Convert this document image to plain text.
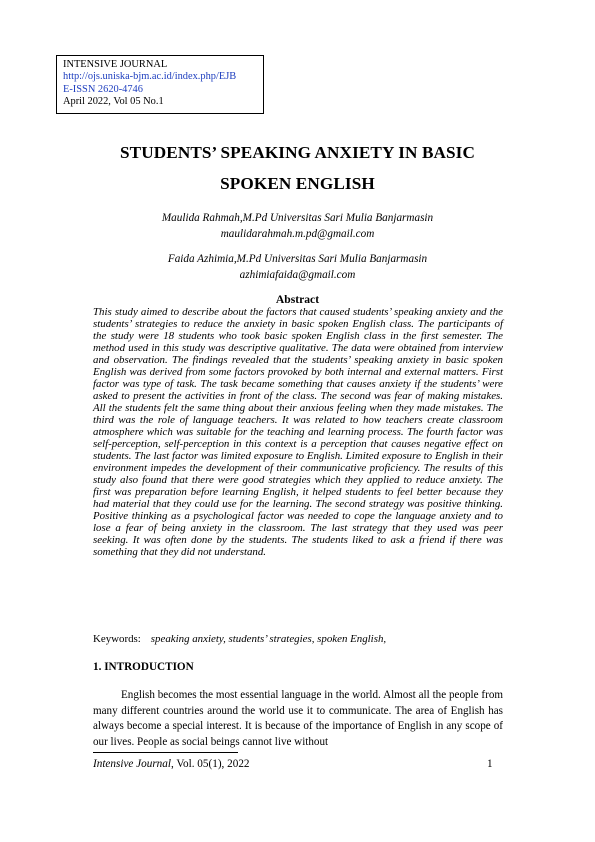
INTENSIVE JOURNAL
http://ojs.uniska-bjm.ac.id/index.php/EJB
E-ISSN 2620-4746
April 2022, Vol 05 No.1
STUDENTS’ SPEAKING ANXIETY IN BASIC
SPOKEN ENGLISH
Maulida Rahmah,M.Pd Universitas Sari Mulia Banjarmasin
maulidarahmah.m.pd@gmail.com
Faida Azhimia,M.Pd Universitas Sari Mulia Banjarmasin
azhimiafaida@gmail.com
Abstract

This study aimed to describe about the factors that caused students’ speaking anxiety and the students’ strategies to reduce the anxiety in basic spoken English class. The participants of the study were 18 students who took basic spoken English class in the first semester. The method used in this study was descriptive qualitative. The data were obtained from interview and observation. The findings revealed that the students’ speaking anxiety in basic spoken English was derived from some factors provoked by both internal and external matters. First factor was type of task. The task became something that causes anxiety if the students’ were asked to present the activities in front of the class. The second was fear of making mistakes. All the students felt the same thing about their anxious feeling when they made mistakes. The third was the role of language teachers. It was related to how teachers create classroom atmosphere which was suitable for the teaching and learning process. The fourth factor was self-perception, self-perception in this context is a perception that causes negative effect on students. The last factor was limited exposure to English. Limited exposure to English in their environment impedes the development of their communicative proficiency. The results of this study also found that there were good strategies which they applied to reduce anxiety. The first was preparation before learning English, it helped students to feel better because they had material that they could use for the learning. The second strategy was positive thinking. Positive thinking as a psychological factor was needed to cope the language anxiety and to lose a fear of being anxiety in the classroom. The last strategy that they used was peer seeking. It was often done by the students. The students liked to ask a friend if there was something that they did not understand.

Keywords: speaking anxiety, students’ strategies, spoken English,
1. INTRODUCTION

English becomes the most essential language in the world. Almost all the people from many different countries around the world use it to communicate. The area of English has always become a special interest. It is because of the importance of English in any scope of our lives. People as social beings cannot live without

Intensive Journal, Vol. 05(1), 2022	1
